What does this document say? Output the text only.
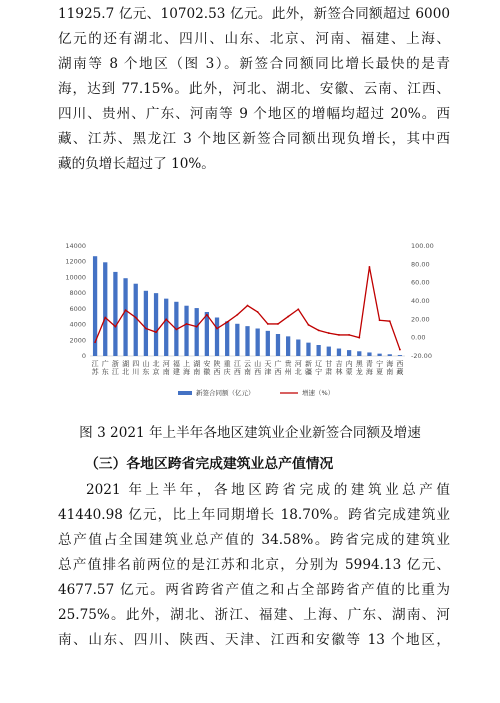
11925.7 亿元、10702.53 亿元。此外，新签合同额超过 6000
亿元的还有湖北、四川、山东、北京、河南、福建、上海、
湖南等 8 个地区（图 3）。新签合同额同比增长最快的是青
海，达到 77.15%。此外，河北、湖北、安徽、云南、江西、
四川、贵州、广东、河南等 9 个地区的增幅均超过 20%。西
藏、江苏、黑龙江 3 个地区新签合同额出现负增长，其中西
藏的负增长超过了 10%。
0
2000
4000
6000
8000
10000
12000
14000
-20.00
0.00
20.00
40.00
60.00
80.00
100.00
江
苏
广
东
浙
江
湖
北
四
川
山
东
北
京
河
南
福
建
上
海
湖
南
安
徽
陕
西
重
庆
江
西
云
南
山
西
天
津
广
西
贵
州
河
北
新
疆
辽
宁
甘
肃
吉
林
内
蒙
黑
龙
青
海
宁
夏
海
南
西
藏
新签合同额（亿元）	增速（%）
图 3 2021 年上半年各地区建筑业企业新签合同额及增速
（三）各地区跨省完成建筑业总产值情况
2021 年上半年，各地区跨省完成的建筑业总产值
41440.98 亿元，比上年同期增长 18.70%。跨省完成建筑业
总产值占全国建筑业总产值的 34.58%。跨省完成的建筑业
总产值排名前两位的是江苏和北京，分别为 5994.13 亿元、
4677.57 亿元。两省跨省产值之和占全部跨省产值的比重为
25.75%。此外，湖北、浙江、福建、上海、广东、湖南、河
南、山东、四川、陕西、天津、江西和安徽等 13 个地区，
